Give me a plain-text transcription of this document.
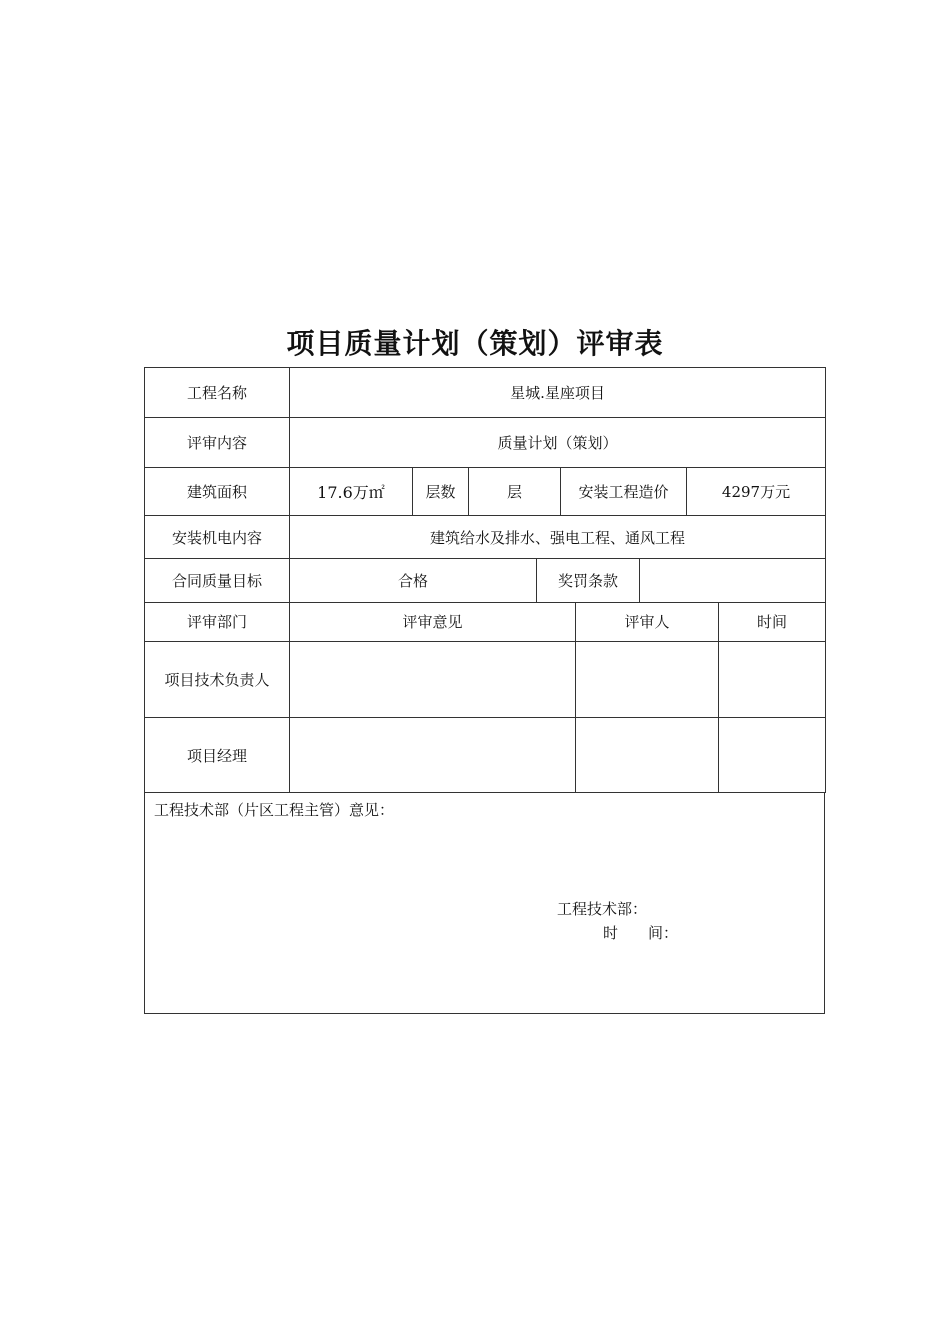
项目质量计划（策划）评审表
工程名称	星城.星座项目				
评审内容	质量计划（策划）				
建筑面积	17.6万㎡	层数	层	安装工程造价	4297万元
安装机电内容	建筑给水及排水、强电工程、通风工程				
合同质量目标	合格	奖罚条款	
评审部门	评审意见	评审人	时间
项目技术负责人			
项目经理			
工程技术部（片区工程主管）意见：
工程技术部：
时　　间：
